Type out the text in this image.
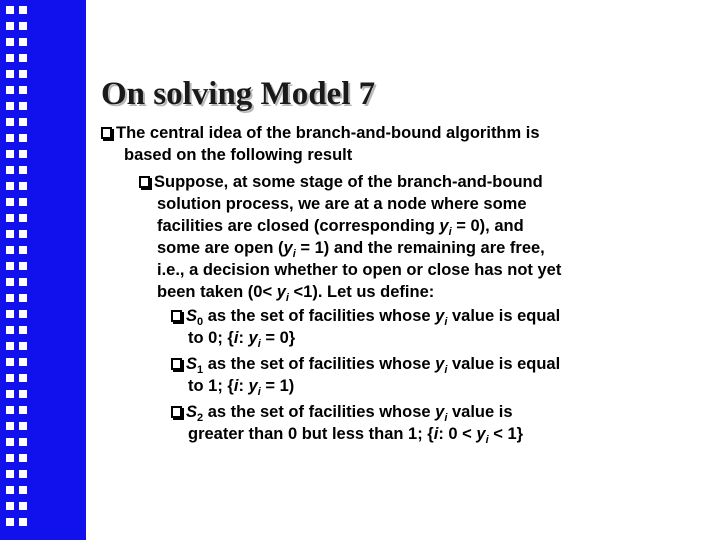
On solving Model 7
The central idea of the branch-and-bound algorithm is
based on the following result
Suppose, at some stage of the branch-and-bound
solution process, we are at a node where some
facilities are closed (corresponding $y_i = 0$), and
some are open $(y_i = 1)$ and the remaining are free,
i.e., a decision whether to open or close has not yet
been taken $(0< y_i <1)$. Let us define:
$S_0$ as the set of facilities whose $y_i$ value is equal
to 0; {i: $y_i = 0$}
$S_1$ as the set of facilities whose $y_i$ value is equal
to 1; {i: $y_i = 1$)
$S_2$ as the set of facilities whose $y_i$ value is
greater than 0 but less than 1; {i: $0 < y_i < 1$}
